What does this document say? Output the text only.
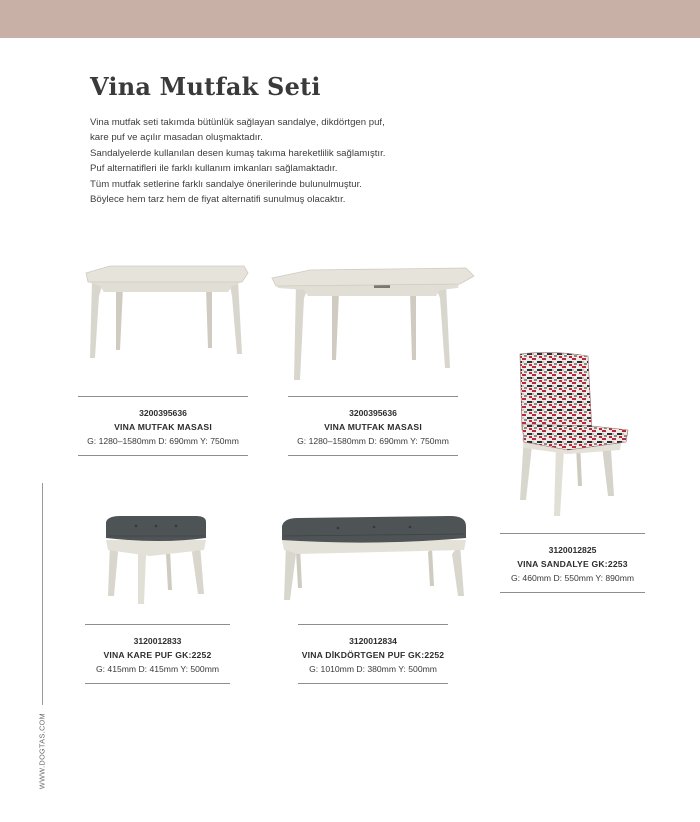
Vina Mutfak Seti

Vina mutfak seti takımda bütünlük sağlayan sandalye, dikdörtgen puf,

kare puf ve açılır masadan oluşmaktadır.

Sandalyelerde kullanılan desen kumaş takıma hareketlilik sağlamıştır.

Puf alternatifleri ile farklı kullanım imkanları sağlamaktadır.

Tüm mutfak setlerine farklı sandalye önerilerinde bulunulmuştur.

Böylece hem tarz hem de fiyat alternatifi sunulmuş olacaktır.

3200395636
VINA MUTFAK MASASI
G: 1280–1580mm D: 690mm Y: 750mm
3200395636
VINA MUTFAK MASASI
G: 1280–1580mm D: 690mm Y: 750mm
3120012825
VINA SANDALYE GK:2253
G: 460mm D: 550mm Y: 890mm
3120012833
VINA KARE PUF GK:2252
G: 415mm D: 415mm Y: 500mm
3120012834
VINA DİKDÖRTGEN PUF GK:2252
G: 1010mm D: 380mm Y: 500mm
WWW.DOGTAS.COM
